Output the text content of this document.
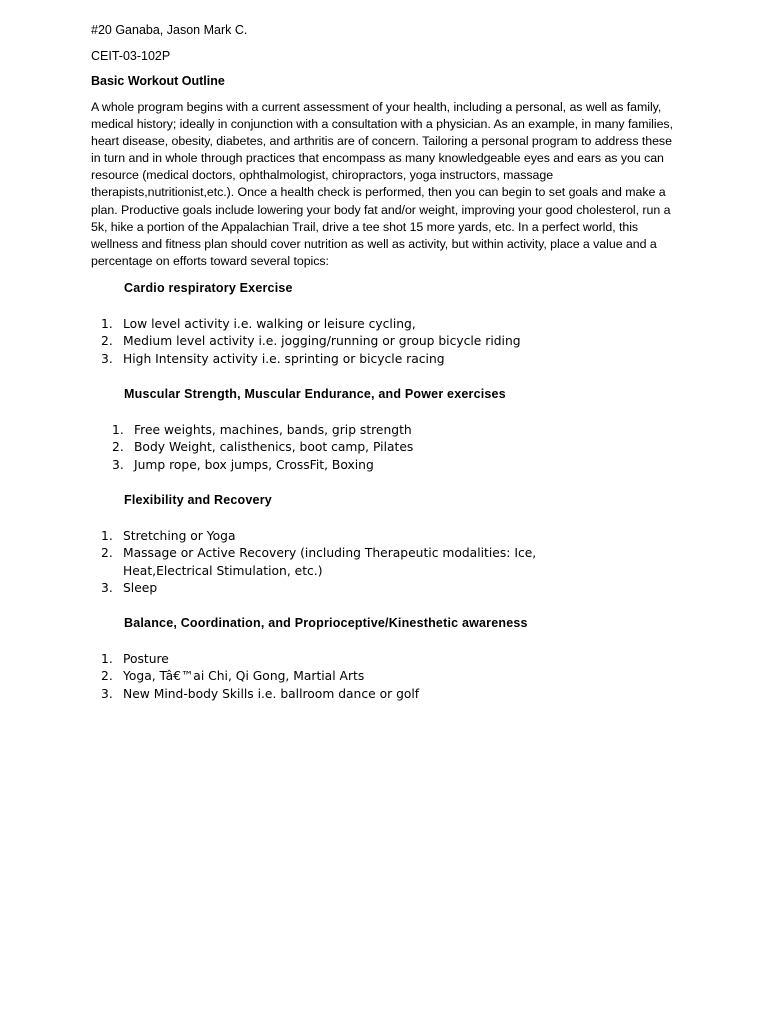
#20 Ganaba, Jason Mark C.

CEIT-03-102P

Basic Workout Outline

A whole program begins with a current assessment of your health, including a personal, as well as family, medical history; ideally in conjunction with a consultation with a physician. As an example, in many families, heart disease, obesity, diabetes, and arthritis are of concern. Tailoring a personal program to address these in turn and in whole through practices that encompass as many knowledgeable eyes and ears as you can resource (medical doctors, ophthalmologist, chiropractors, yoga instructors, massage therapists,nutritionist,etc.). Once a health check is performed, then you can begin to set goals and make a plan. Productive goals include lowering your body fat and/or weight, improving your good cholesterol, run a 5k, hike a portion of the Appalachian Trail, drive a tee shot 15 more yards, etc. In a perfect world, this wellness and fitness plan should cover nutrition as well as activity, but within activity, place a value and a percentage on efforts toward several topics:

Cardio respiratory Exercise

1. Low level activity i.e. walking or leisure cycling,
2. Medium level activity i.e. jogging/running or group bicycle riding
3. High Intensity activity i.e. sprinting or bicycle racing

Muscular Strength, Muscular Endurance, and Power exercises

1. Free weights, machines, bands, grip strength
2. Body Weight, calisthenics, boot camp, Pilates
3. Jump rope, box jumps, CrossFit, Boxing

Flexibility and Recovery

1. Stretching or Yoga
2. Massage or Active Recovery (including Therapeutic modalities: Ice, Heat,Electrical Stimulation, etc.)
3. Sleep

Balance, Coordination, and Proprioceptive/Kinesthetic awareness

1. Posture
2. Yoga, Tâ€™ai Chi, Qi Gong, Martial Arts
3. New Mind-body Skills i.e. ballroom dance or golf
